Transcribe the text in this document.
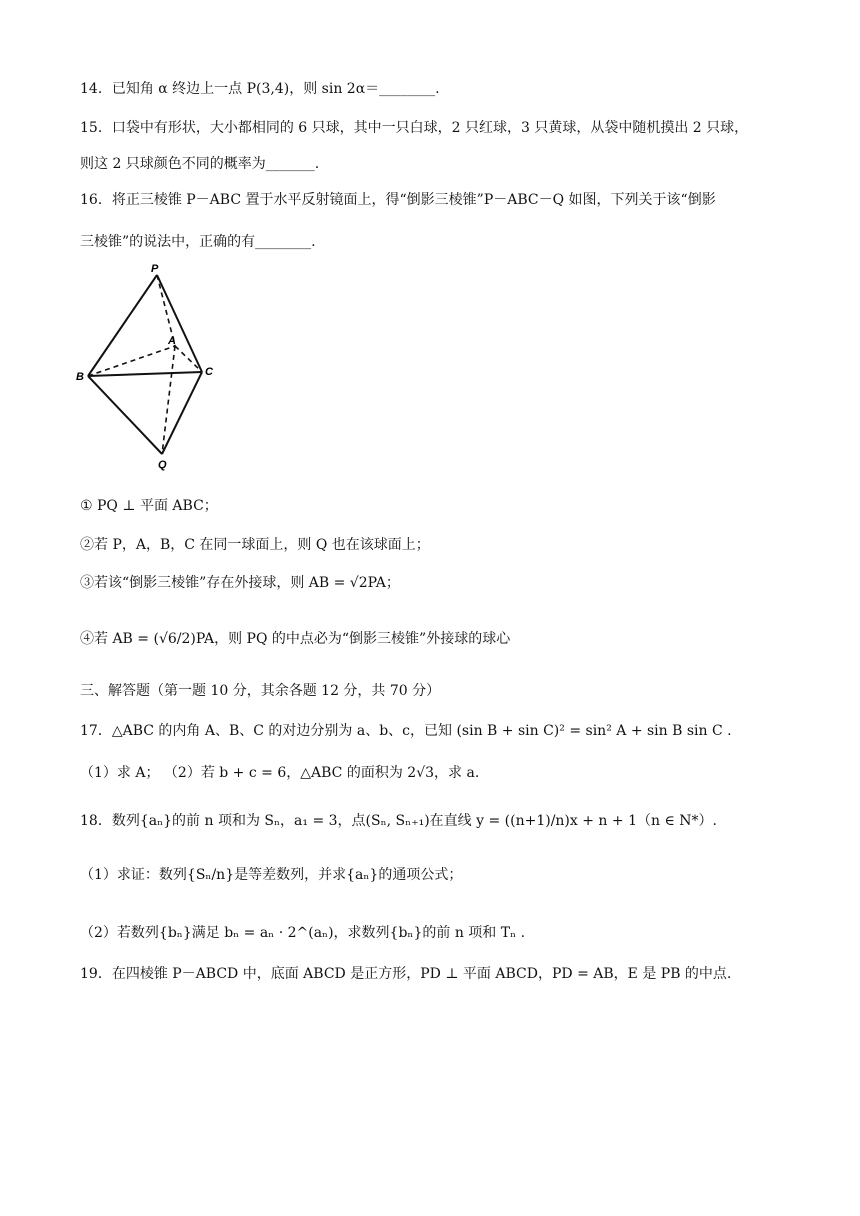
14．已知角 α 终边上一点 P(3,4)，则 sin 2α＝________.
15．口袋中有形状，大小都相同的 6 只球，其中一只白球，2 只红球，3 只黄球，从袋中随机摸出 2 只球，
则这 2 只球颜色不同的概率为_______.
16．将正三棱锥 P－ABC 置于水平反射镜面上，得“倒影三棱锥”P－ABC－Q 如图，下列关于该“倒影
三棱锥”的说法中，正确的有________.
P
A
B	C
Q
① PQ ⊥ 平面 ABC；
②若 P，A，B，C 在同一球面上，则 Q 也在该球面上；
③若该“倒影三棱锥”存在外接球，则 AB = √2PA；
④若 AB = (√6/2)PA，则 PQ 的中点必为“倒影三棱锥”外接球的球心
三、解答题（第一题 10 分，其余各题 12 分，共 70 分）
17．△ABC 的内角 A、B、C 的对边分别为 a、b、c，已知 (sin B + sin C)² = sin² A + sin B sin C .
（1）求 A； （2）若 b + c = 6，△ABC 的面积为 2√3，求 a.
18．数列{aₙ}的前 n 项和为 Sₙ，a₁ = 3，点(Sₙ, Sₙ₊₁)在直线 y = ((n+1)/n)x + n + 1（n ∈ N*）.
（1）求证：数列{Sₙ/n}是等差数列，并求{aₙ}的通项公式；
（2）若数列{bₙ}满足 bₙ = aₙ · 2^(aₙ)，求数列{bₙ}的前 n 项和 Tₙ .
19．在四棱锥 P－ABCD 中，底面 ABCD 是正方形，PD ⊥ 平面 ABCD，PD = AB，E 是 PB 的中点.
